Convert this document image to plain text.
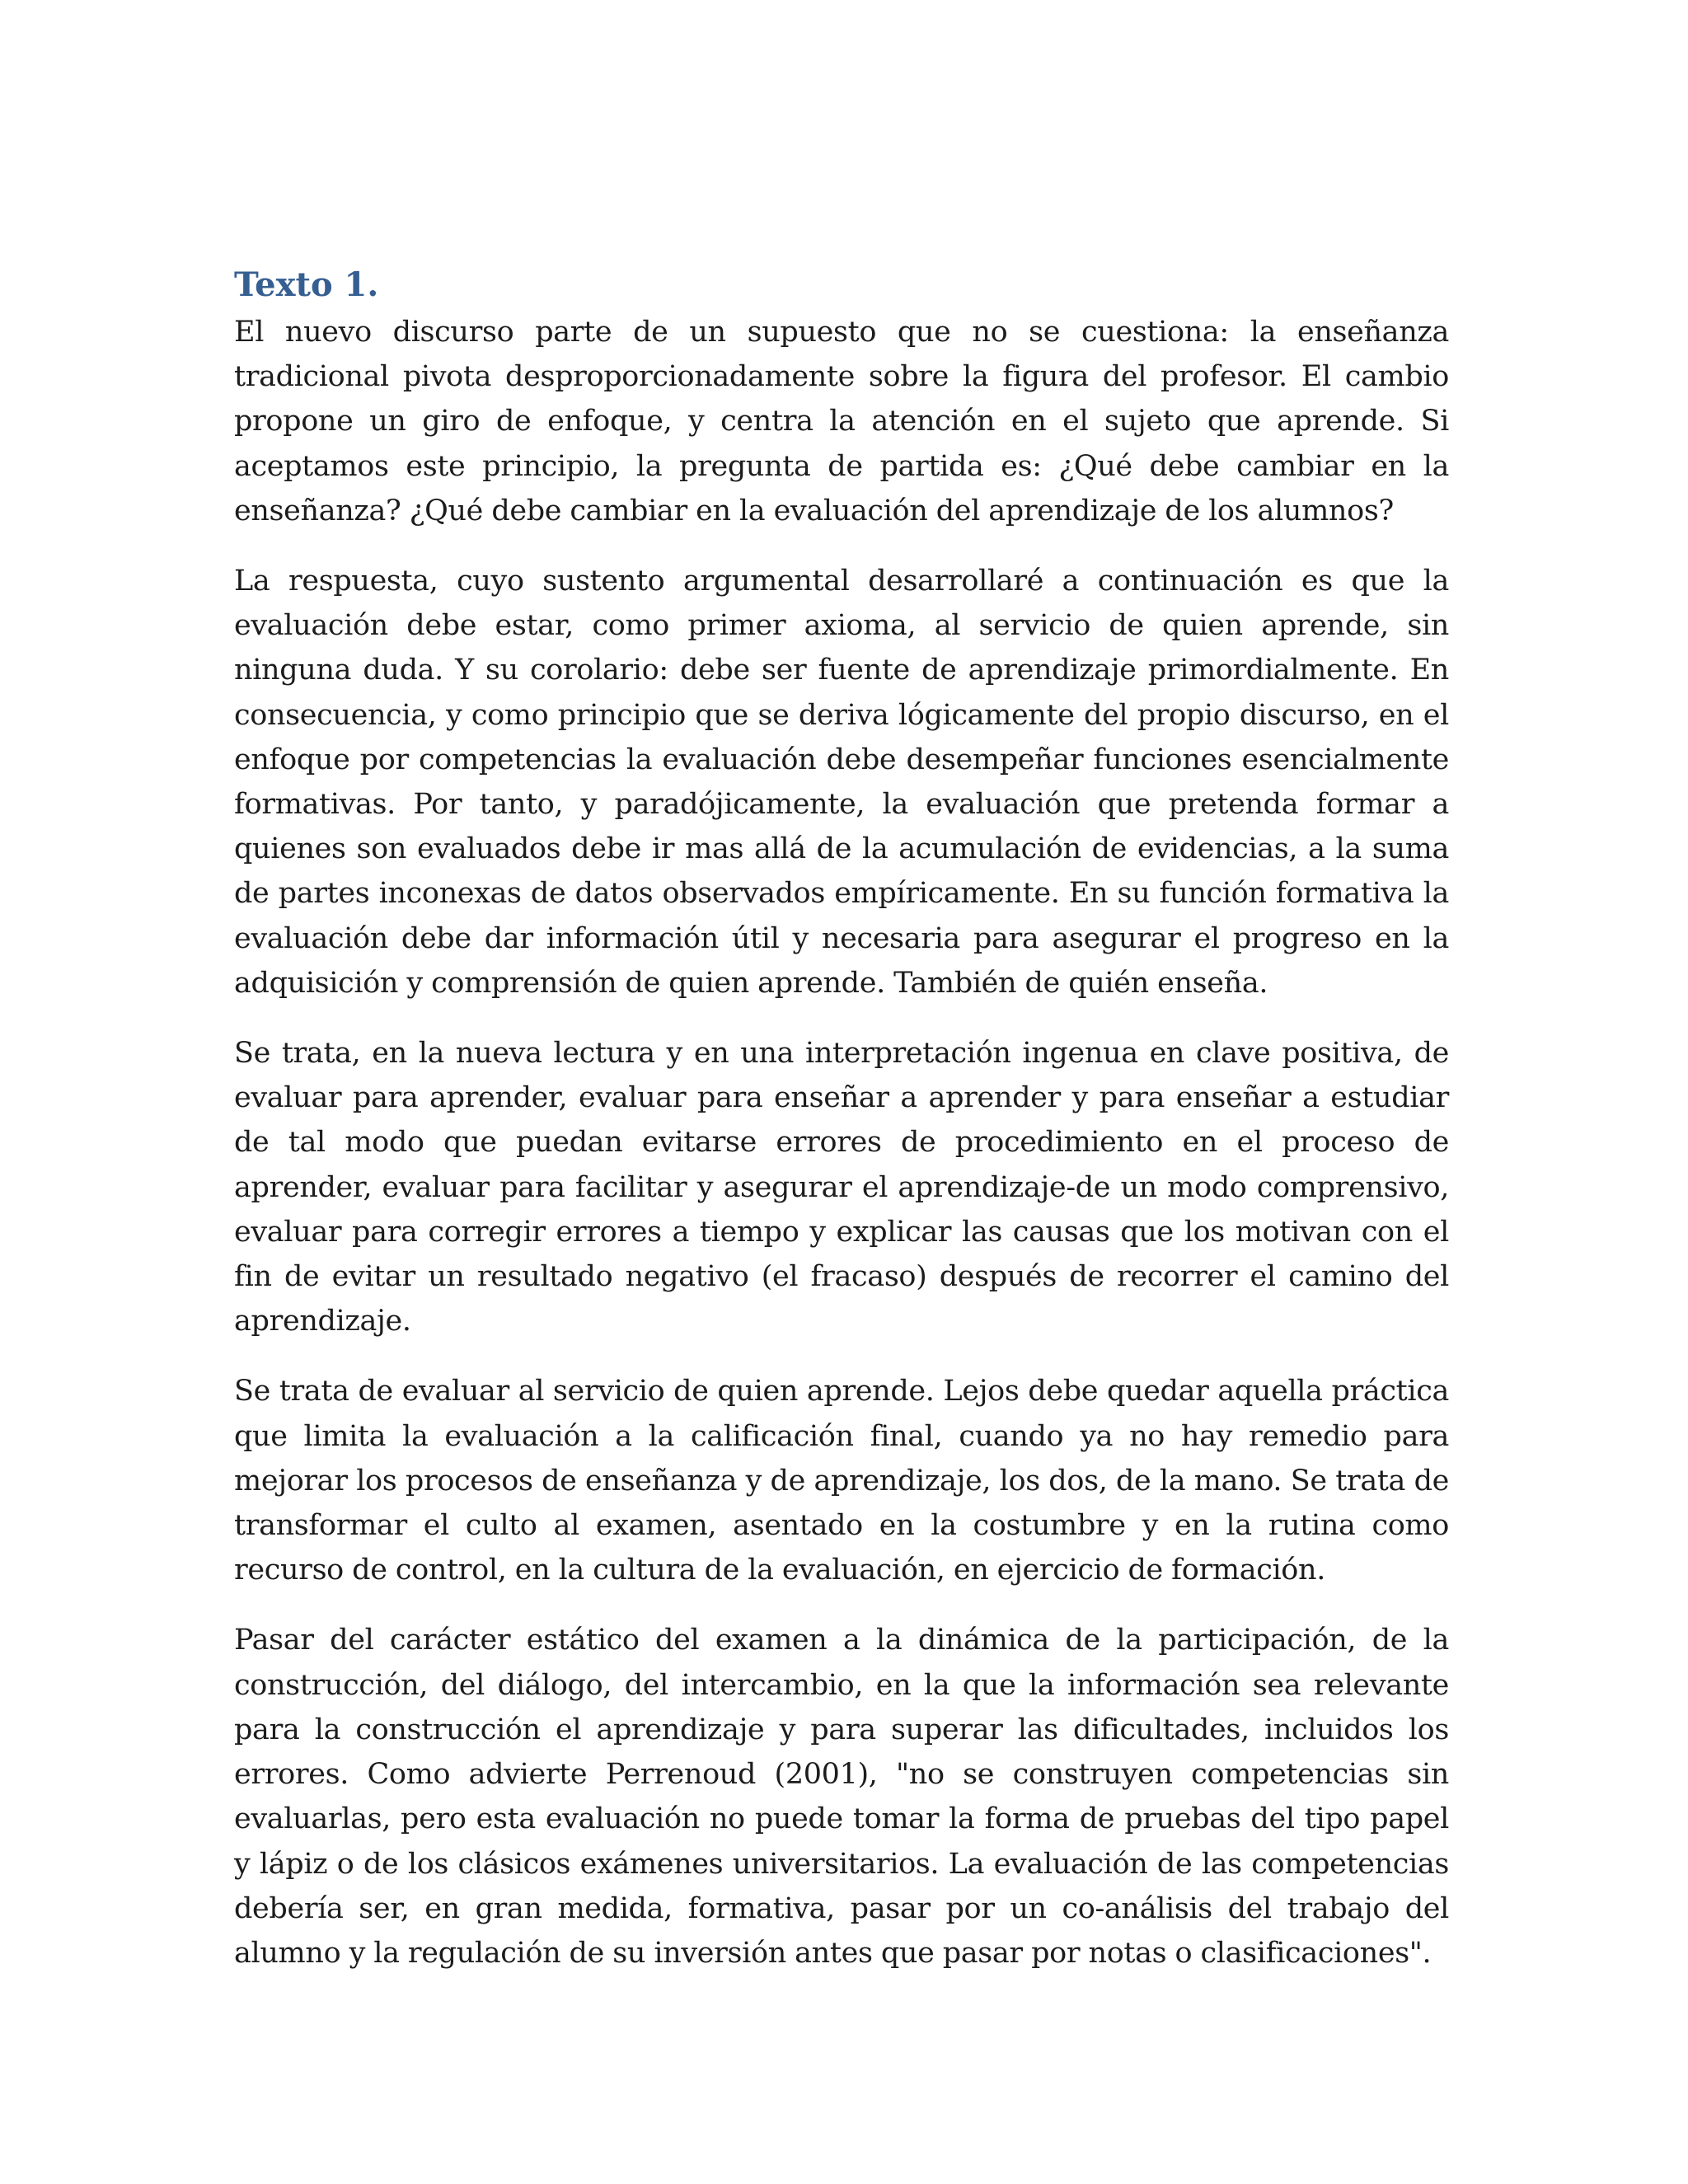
Texto 1.

El nuevo discurso parte de un supuesto que no se cuestiona: la enseñanza tradicional pivota desproporcionadamente sobre la figura del profesor. El cambio propone un giro de enfoque, y centra la atención en el sujeto que aprende. Si aceptamos este principio, la pregunta de partida es: ¿Qué debe cambiar en la enseñanza? ¿Qué debe cambiar en la evaluación del aprendizaje de los alumnos?

La respuesta, cuyo sustento argumental desarrollaré a continuación es que la evaluación debe estar, como primer axioma, al servicio de quien aprende, sin ninguna duda. Y su corolario: debe ser fuente de aprendizaje primordialmente. En consecuencia, y como principio que se deriva lógicamente del propio discurso, en el enfoque por competencias la evaluación debe desempeñar funciones esencialmente formativas. Por tanto, y paradójicamente, la evaluación que pretenda formar a quienes son evaluados debe ir mas allá de la acumulación de evidencias, a la suma de partes inconexas de datos observados empíricamente. En su función formativa la evaluación debe dar información útil y necesaria para asegurar el progreso en la adquisición y comprensión de quien aprende. También de quién enseña.

Se trata, en la nueva lectura y en una interpretación ingenua en clave positiva, de evaluar para aprender, evaluar para enseñar a aprender y para enseñar a estudiar de tal modo que puedan evitarse errores de procedimiento en el proceso de aprender, evaluar para facilitar y asegurar el aprendizaje-de un modo comprensivo, evaluar para corregir errores a tiempo y explicar las causas que los motivan con el fin de evitar un resultado negativo (el fracaso) después de recorrer el camino del aprendizaje.

Se trata de evaluar al servicio de quien aprende. Lejos debe quedar aquella práctica que limita la evaluación a la calificación final, cuando ya no hay remedio para mejorar los procesos de enseñanza y de aprendizaje, los dos, de la mano. Se trata de transformar el culto al examen, asentado en la costumbre y en la rutina como recurso de control, en la cultura de la evaluación, en ejercicio de formación.

Pasar del carácter estático del examen a la dinámica de la participación, de la construcción, del diálogo, del intercambio, en la que la información sea relevante para la construcción el aprendizaje y para superar las dificultades, incluidos los errores. Como advierte Perrenoud (2001), "no se construyen competencias sin evaluarlas, pero esta evaluación no puede tomar la forma de pruebas del tipo papel y lápiz o de los clásicos exámenes universitarios. La evaluación de las competencias debería ser, en gran medida, formativa, pasar por un co-análisis del trabajo del alumno y la regulación de su inversión antes que pasar por notas o clasificaciones".
